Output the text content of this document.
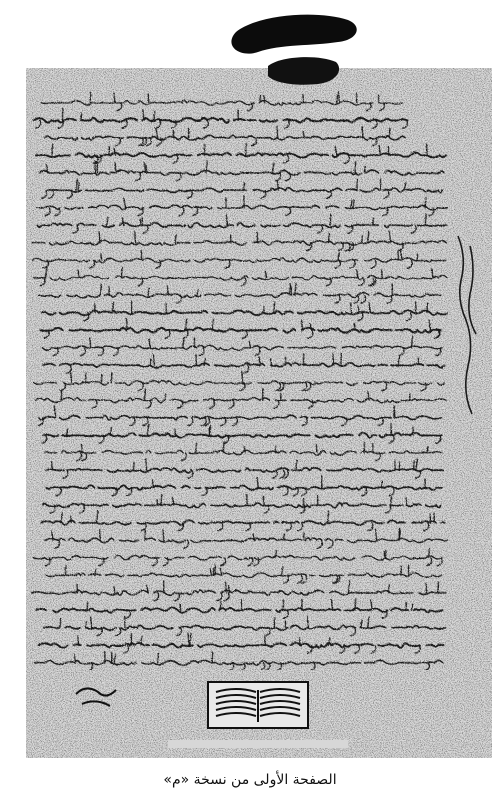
الصفحة الأولى من نسخة «م»
